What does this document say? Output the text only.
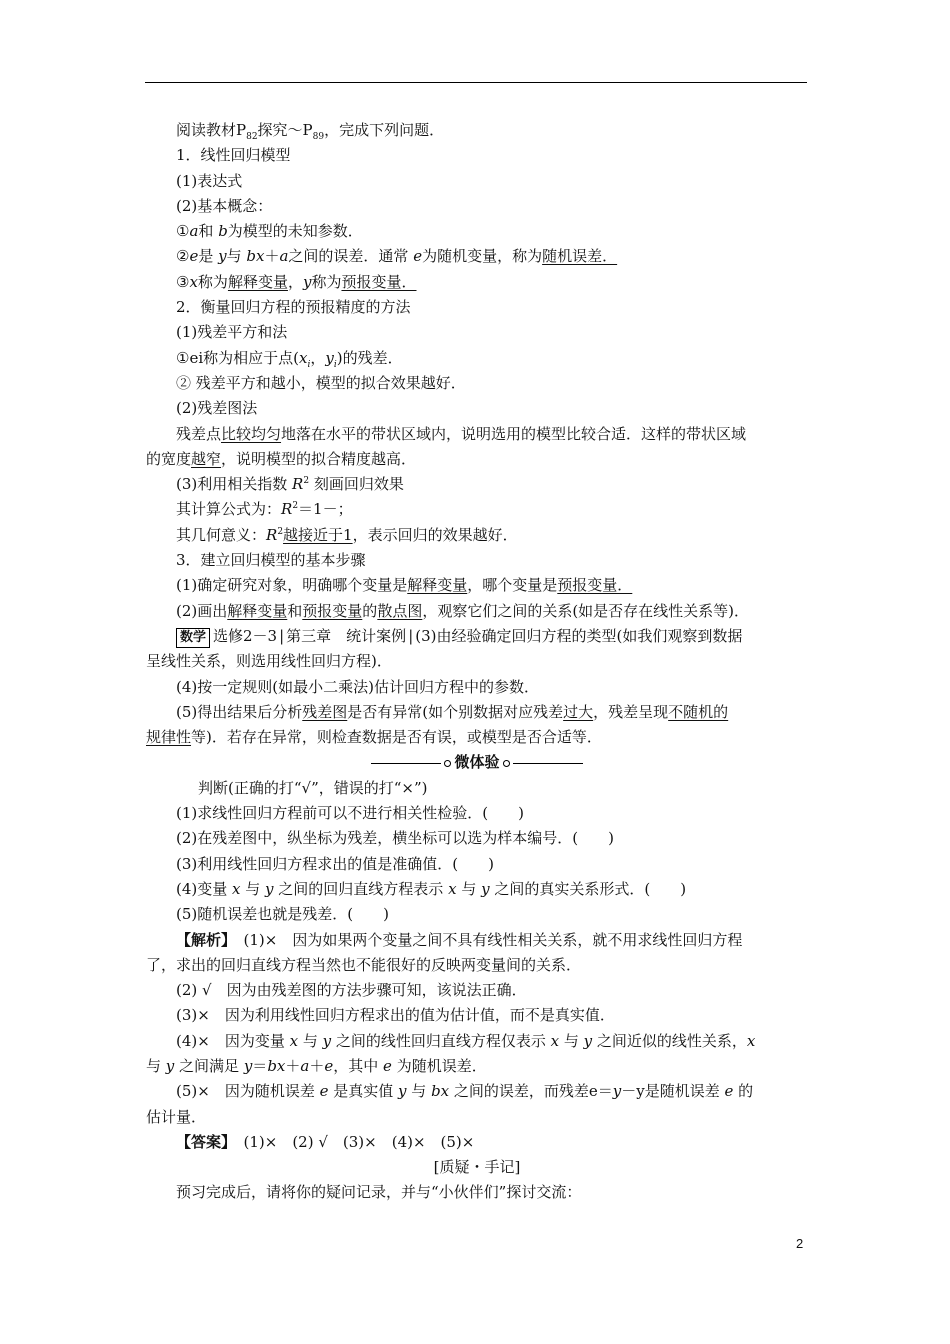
阅读教材$P_{82}$探究$\sim P_{89}$，完成下列问题．
1．线性回归模型
(1)表达式
(2)基本概念：
①a和 b为模型的未知参数．
②e是 y与 bx＋a之间的误差．通常 e为随机变量，称为随机误差．
③x称为解释变量，y称为预报变量．
2．衡量回归方程的预报精度的方法
(1)残差平方和法
①ei称为相应于点($x_i$，$y_i$)的残差．
② 残差平方和越小，模型的拟合效果越好．
(2)残差图法
残差点比较均匀地落在水平的带状区域内，说明选用的模型比较合适．这样的带状区域
的宽度越窄，说明模型的拟合精度越高．
(3)利用相关指数 $R^2$ 刻画回归效果
其计算公式为：$R^2=1-$；
其几何意义：$R^2$越接近于1，表示回归的效果越好．
3．建立回归模型的基本步骤
(1)确定研究对象，明确哪个变量是解释变量，哪个变量是预报变量．
(2)画出解释变量和预报变量的散点图，观察它们之间的关系(如是否存在线性关系等)．
数学 选修2－3 | 第三章　统计案例 | (3)由经验确定回归方程的类型(如我们观察到数据
呈线性关系，则选用线性回归方程)．
(4)按一定规则(如最小二乘法)估计回归方程中的参数．
(5)得出结果后分析残差图是否有异常(如个别数据对应残差过大，残差呈现不随机的
规律性等)．若存在异常，则检查数据是否有误，或模型是否合适等．
微体验
判断(正确的打“√”，错误的打“×”)
(1)求线性回归方程前可以不进行相关性检验．(　　)
(2)在残差图中，纵坐标为残差，横坐标可以选为样本编号．(　　)
(3)利用线性回归方程求出的值是准确值．(　　)
(4)变量 x 与 y 之间的回归直线方程表示 x 与 y 之间的真实关系形式．(　　)
(5)随机误差也就是残差．(　　)
【解析】　(1)×　因为如果两个变量之间不具有线性相关关系，就不用求线性回归方程
了，求出的回归直线方程当然也不能很好的反映两变量间的关系．
(2) √　因为由残差图的方法步骤可知，该说法正确．
(3)×　因为利用线性回归方程求出的值为估计值，而不是真实值．
(4)×　因为变量 x 与 y 之间的线性回归直线方程仅表示 x 与 y 之间近似的线性关系，x
与 y 之间满足 y＝bx＋a＋e，其中 e 为随机误差．
(5)×　因为随机误差 e 是真实值 y 与 bx 之间的误差，而残差e＝y－y是随机误差 e 的
估计量．
【答案】　(1)×　(2) √　(3)×　(4)×　(5)×
[质疑・手记]
预习完成后，请将你的疑问记录，并与“小伙伴们”探讨交流：
2
